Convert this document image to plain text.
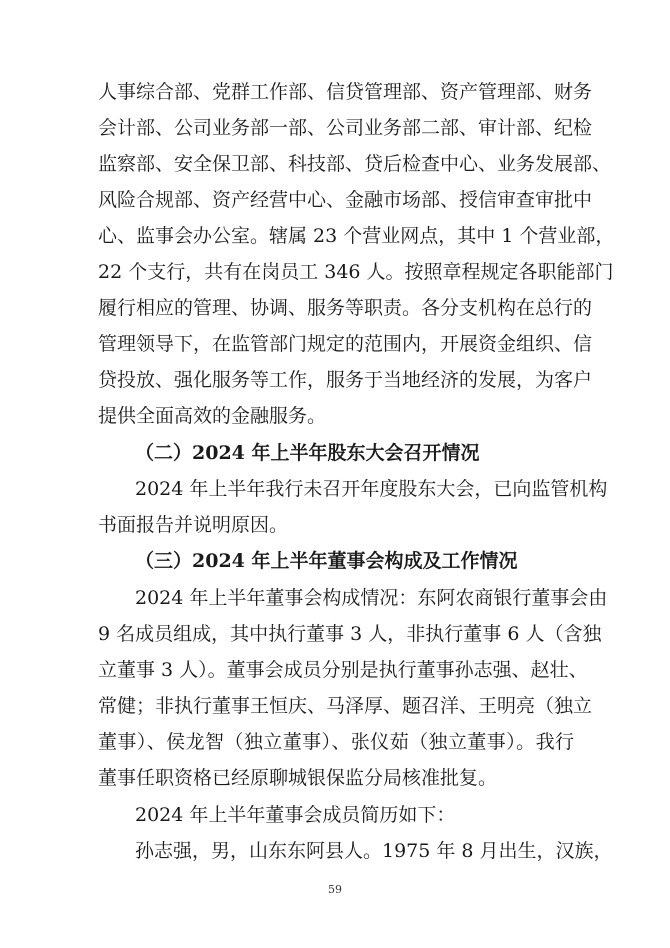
人事综合部、党群工作部、信贷管理部、资产管理部、财务
会计部、公司业务部一部、公司业务部二部、审计部、纪检
监察部、安全保卫部、科技部、贷后检查中心、业务发展部、
风险合规部、资产经营中心、金融市场部、授信审查审批中
心、监事会办公室。辖属 23 个营业网点，其中 1 个营业部，
22 个支行，共有在岗员工 346 人。按照章程规定各职能部门
履行相应的管理、协调、服务等职责。各分支机构在总行的
管理领导下，在监管部门规定的范围内，开展资金组织、信
贷投放、强化服务等工作，服务于当地经济的发展，为客户
提供全面高效的金融服务。
（二）2024 年上半年股东大会召开情况
2024 年上半年我行未召开年度股东大会，已向监管机构
书面报告并说明原因。
（三）2024 年上半年董事会构成及工作情况
2024 年上半年董事会构成情况：东阿农商银行董事会由
9 名成员组成，其中执行董事 3 人，非执行董事 6 人（含独
立董事 3 人）。董事会成员分别是执行董事孙志强、赵壮、
常健；非执行董事王恒庆、马泽厚、题召洋、王明亮（独立
董事）、侯龙智（独立董事）、张仪茹（独立董事）。我行
董事任职资格已经原聊城银保监分局核准批复。
2024 年上半年董事会成员简历如下：
孙志强，男，山东东阿县人。1975 年 8 月出生，汉族，
59
